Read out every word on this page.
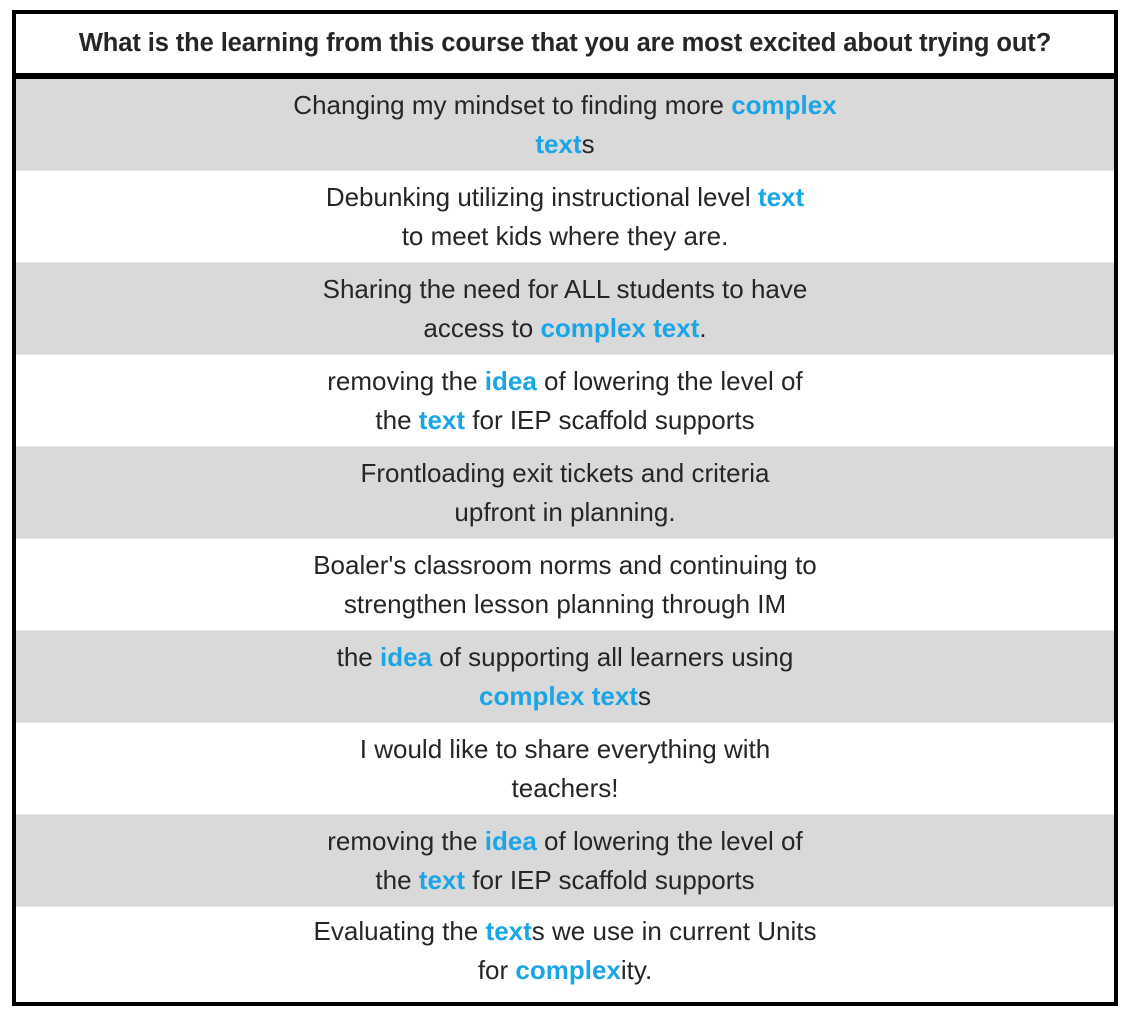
What is the learning from this course that you are most excited about trying out?
Changing my mindset to finding more complex
texts
Debunking utilizing instructional level text
to meet kids where they are.
Sharing the need for ALL students to have
access to complex text.
removing the idea of lowering the level of
the text for IEP scaffold supports
Frontloading exit tickets and criteria
upfront in planning.
Boaler's classroom norms and continuing to
strengthen lesson planning through IM
the idea of supporting all learners using
complex texts
I would like to share everything with
teachers!
removing the idea of lowering the level of
the text for IEP scaffold supports
Evaluating the texts we use in current Units
for complexity.
